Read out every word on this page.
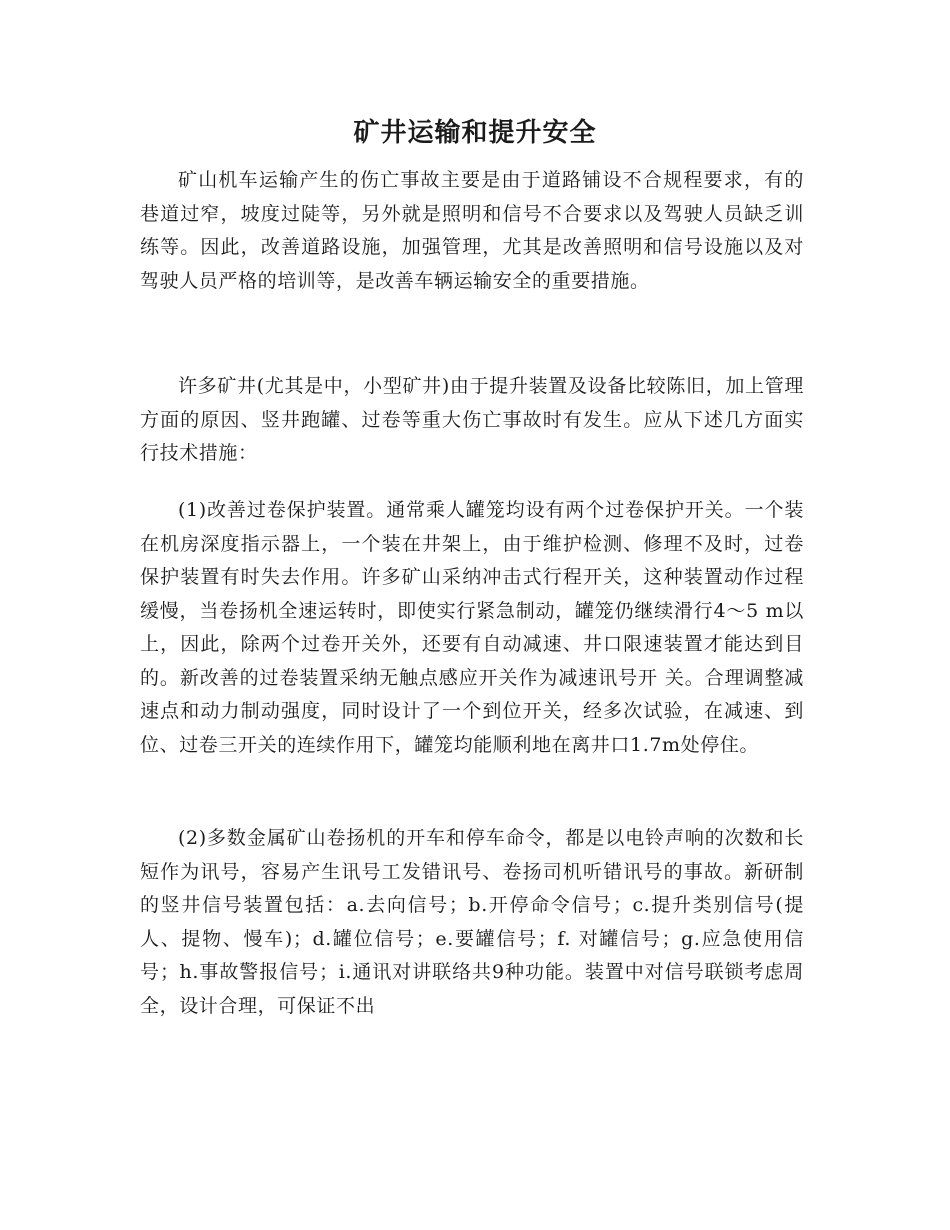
矿井运输和提升安全

矿山机车运输产生的伤亡事故主要是由于道路铺设不合规程要求，有的巷道过窄，坡度过陡等，另外就是照明和信号不合要求以及驾驶人员缺乏训练等。因此，改善道路设施，加强管理，尤其是改善照明和信号设施以及对驾驶人员严格的培训等，是改善车辆运输安全的重要措施。

许多矿井(尤其是中，小型矿井)由于提升装置及设备比较陈旧，加上管理方面的原因、竖井跑罐、过卷等重大伤亡事故时有发生。应从下述几方面实行技术措施：

(1)改善过卷保护装置。通常乘人罐笼均设有两个过卷保护开关。一个装在机房深度指示器上，一个装在井架上，由于维护检测、修理不及时，过卷保护装置有时失去作用。许多矿山采纳冲击式行程开关，这种装置动作过程缓慢，当卷扬机全速运转时，即使实行紧急制动，罐笼仍继续滑行4～5 m以上，因此，除两个过卷开关外，还要有自动减速、井口限速装置才能达到目的。新改善的过卷装置采纳无触点感应开关作为减速讯号开 关。合理调整减速点和动力制动强度，同时设计了一个到位开关，经多次试验，在减速、到位、过卷三开关的连续作用下，罐笼均能顺利地在离井口1.7m处停住。

(2)多数金属矿山卷扬机的开车和停车命令，都是以电铃声响的次数和长短作为讯号，容易产生讯号工发错讯号、卷扬司机听错讯号的事故。新研制的竖井信号装置包括：a.去向信号；b.开停命令信号；c.提升类别信号(提人、提物、慢车)；d.罐位信号；e.要罐信号；f. 对罐信号；g.应急使用信号；h.事故警报信号；i.通讯对讲联络共9种功能。装置中对信号联锁考虑周全，设计合理，可保证不出
